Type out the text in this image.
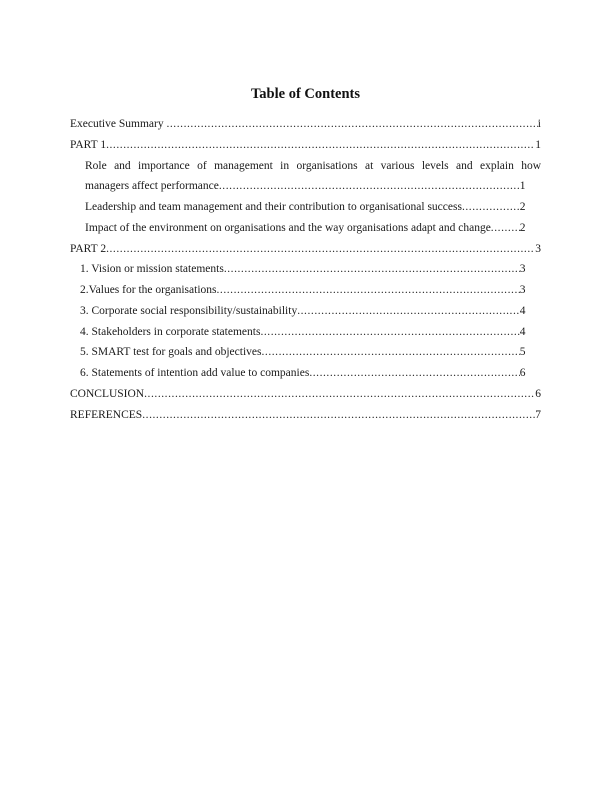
Table of Contents
Executive Summary .....	i
PART 1 .....	1
Role and importance of management in organisations at various levels and explain how
managers affect performance .....	1
Leadership and team management and their contribution to organisational success .....	2
Impact of the environment on organisations and the way organisations adapt and change .....	2
PART 2 .....	3
1. Vision or mission statements .....	3
2.Values for the organisations .....	3
3. Corporate social responsibility/sustainability .....	4
4. Stakeholders in corporate statements .....	4
5. SMART test for goals and objectives .....	5
6. Statements of intention add value to companies .....	6
CONCLUSION .....	6
REFERENCES .....	7
